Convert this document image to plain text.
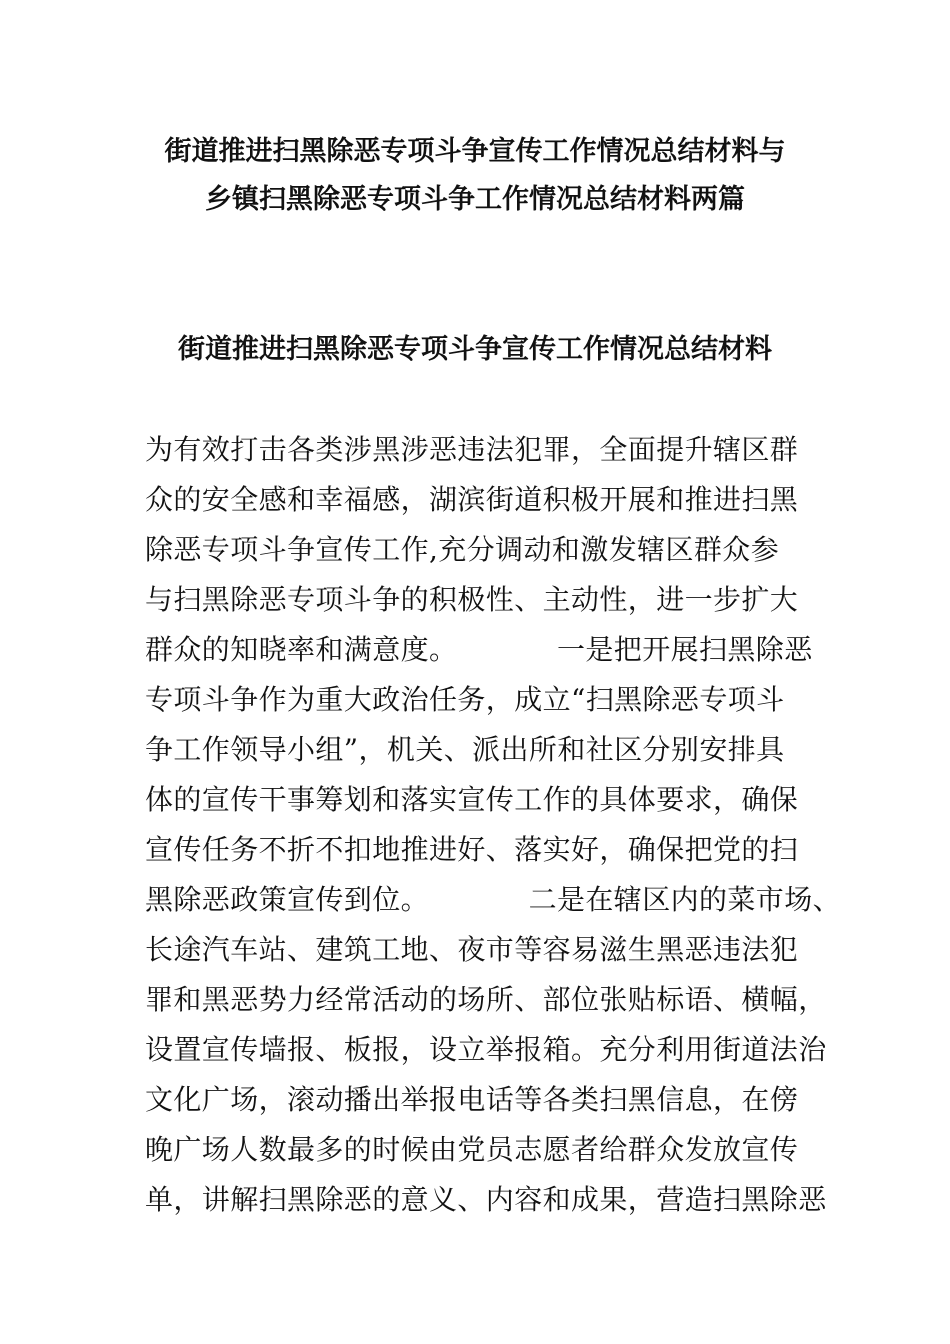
街道推进扫黑除恶专项斗争宣传工作情况总结材料与
乡镇扫黑除恶专项斗争工作情况总结材料两篇
街道推进扫黑除恶专项斗争宣传工作情况总结材料
为有效打击各类涉黑涉恶违法犯罪，全面提升辖区群
众的安全感和幸福感，湖滨街道积极开展和推进扫黑
除恶专项斗争宣传工作,充分调动和激发辖区群众参
与扫黑除恶专项斗争的积极性、主动性，进一步扩大
群众的知晓率和满意度。　　　　一是把开展扫黑除恶
专项斗争作为重大政治任务，成立“扫黑除恶专项斗
争工作领导小组”，机关、派出所和社区分别安排具
体的宣传干事筹划和落实宣传工作的具体要求，确保
宣传任务不折不扣地推进好、落实好，确保把党的扫
黑除恶政策宣传到位。　　　　二是在辖区内的菜市场、
长途汽车站、建筑工地、夜市等容易滋生黑恶违法犯
罪和黑恶势力经常活动的场所、部位张贴标语、横幅，
设置宣传墙报、板报，设立举报箱。充分利用街道法治
文化广场，滚动播出举报电话等各类扫黑信息，在傍
晚广场人数最多的时候由党员志愿者给群众发放宣传
单，讲解扫黑除恶的意义、内容和成果，营造扫黑除恶
